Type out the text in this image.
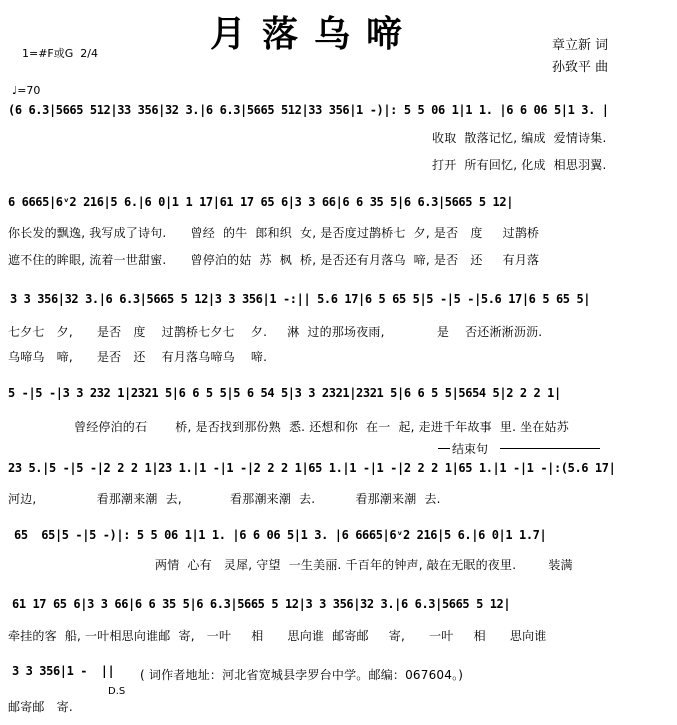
月落乌啼	章立新 词
孙致平 曲
1=#F或G  2/4
♩=70
(6 6.3|5665 512|33 356|32 3.|6 6.3|5665 512|33 356|1 -)|: 5 5 06 1|1 1. |6 6 06 5|1 3. |
收取  散落记忆, 编成  爱情诗集.
打开  所有回忆, 化成  相思羽翼.
6 6665|6ᵛ2 216|5 6.|6 0|1 1 17|61 17 65 6|3 3 66|6 6 35 5|6 6.3|5665 5 12|
你长发的飘逸, 我写成了诗句.      曾经  的牛  郎和织  女, 是否度过鹊桥七  夕, 是否   度     过鹊桥
遮不住的眸眼, 流着一世甜蜜.      曾停泊的姑  苏  枫  桥, 是否还有月落乌  啼, 是否   还     有月落
3 3 356|32 3.|6 6.3|5665 5 12|3 3 356|1 -:|| 5.6 17|6 5 65 5|5 -|5 -|5.6 17|6 5 65 5|
七夕七   夕,      是否   度    过鹊桥七夕七    夕.     淋  过的那场夜雨,             是    否还淅淅沥沥.
乌啼乌   啼,      是否   还    有月落乌啼乌    啼.
5 -|5 -|3 3 232 1|2321 5|6 6 5 5|5 6 54 5|3 3 2321|2321 5|6 6 5 5|5654 5|2 2 2 1|
曾经停泊的石       桥, 是否找到那份熟  悉. 还想和你  在一  起, 走进千年故事  里. 坐在姑苏
结束句
23 5.|5 -|5 -|2 2 2 1|23 1.|1 -|1 -|2 2 2 1|65 1.|1 -|1 -|2 2 2 1|65 1.|1 -|1 -|:(5.6 17|
河边,               看那潮来潮  去,            看那潮来潮  去.          看那潮来潮  去.
65  65|5 -|5 -)|: 5 5 06 1|1 1. |6 6 06 5|1 3. |6 6665|6ᵛ2 216|5 6.|6 0|1 1.7|
两情  心有   灵犀, 守望  一生美丽. 千百年的钟声, 敲在无眠的夜里.        装满
61 17 65 6|3 3 66|6 6 35 5|6 6.3|5665 5 12|3 3 356|32 3.|6 6.3|5665 5 12|
牵挂的客  船, 一叶相思向谁邮  寄,   一叶     相      思向谁  邮寄邮     寄,      一叶     相      思向谁
3 3 356|1 -  ||
D.S
( 词作者地址：河北省宽城县孛罗台中学。邮编：067604。)
邮寄邮   寄.
